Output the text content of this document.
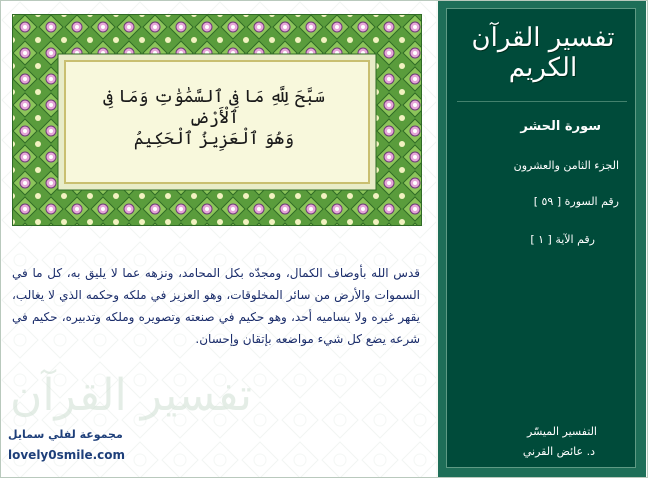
سَبَّحَ لِلَّهِ مَا فِى ٱلسَّمَٰوَٰتِ وَمَا فِى ٱلْأَرْضِ
وَهُوَ ٱلْعَزِيزُ ٱلْحَكِيمُ
قدس الله بأوصاف الكمال، ومجدّه بكل المحامد، ونزهه عما لا يليق به، كل ما في السموات والأرض من سائر المخلوقات، وهو العزيز في ملكه وحكمه الذي لا يغالب، يقهر غيره ولا يساميه أحد، وهو حكيم في صنعته وتصويره وملكه وتدبيره، حكيم في شرعه يضع كل شيء مواضعه بإتقان وإحسان.
تفسير القرآن
مجموعة لفلي سمايل
lovely0smile.com
تفسير القرآن الكريم
سورة الحشر
الجزء الثامن والعشرون
رقم السورة [ ٥٩ ]
رقم الآية [ ١ ]
التفسير الميسّر
د. عائض القرني
